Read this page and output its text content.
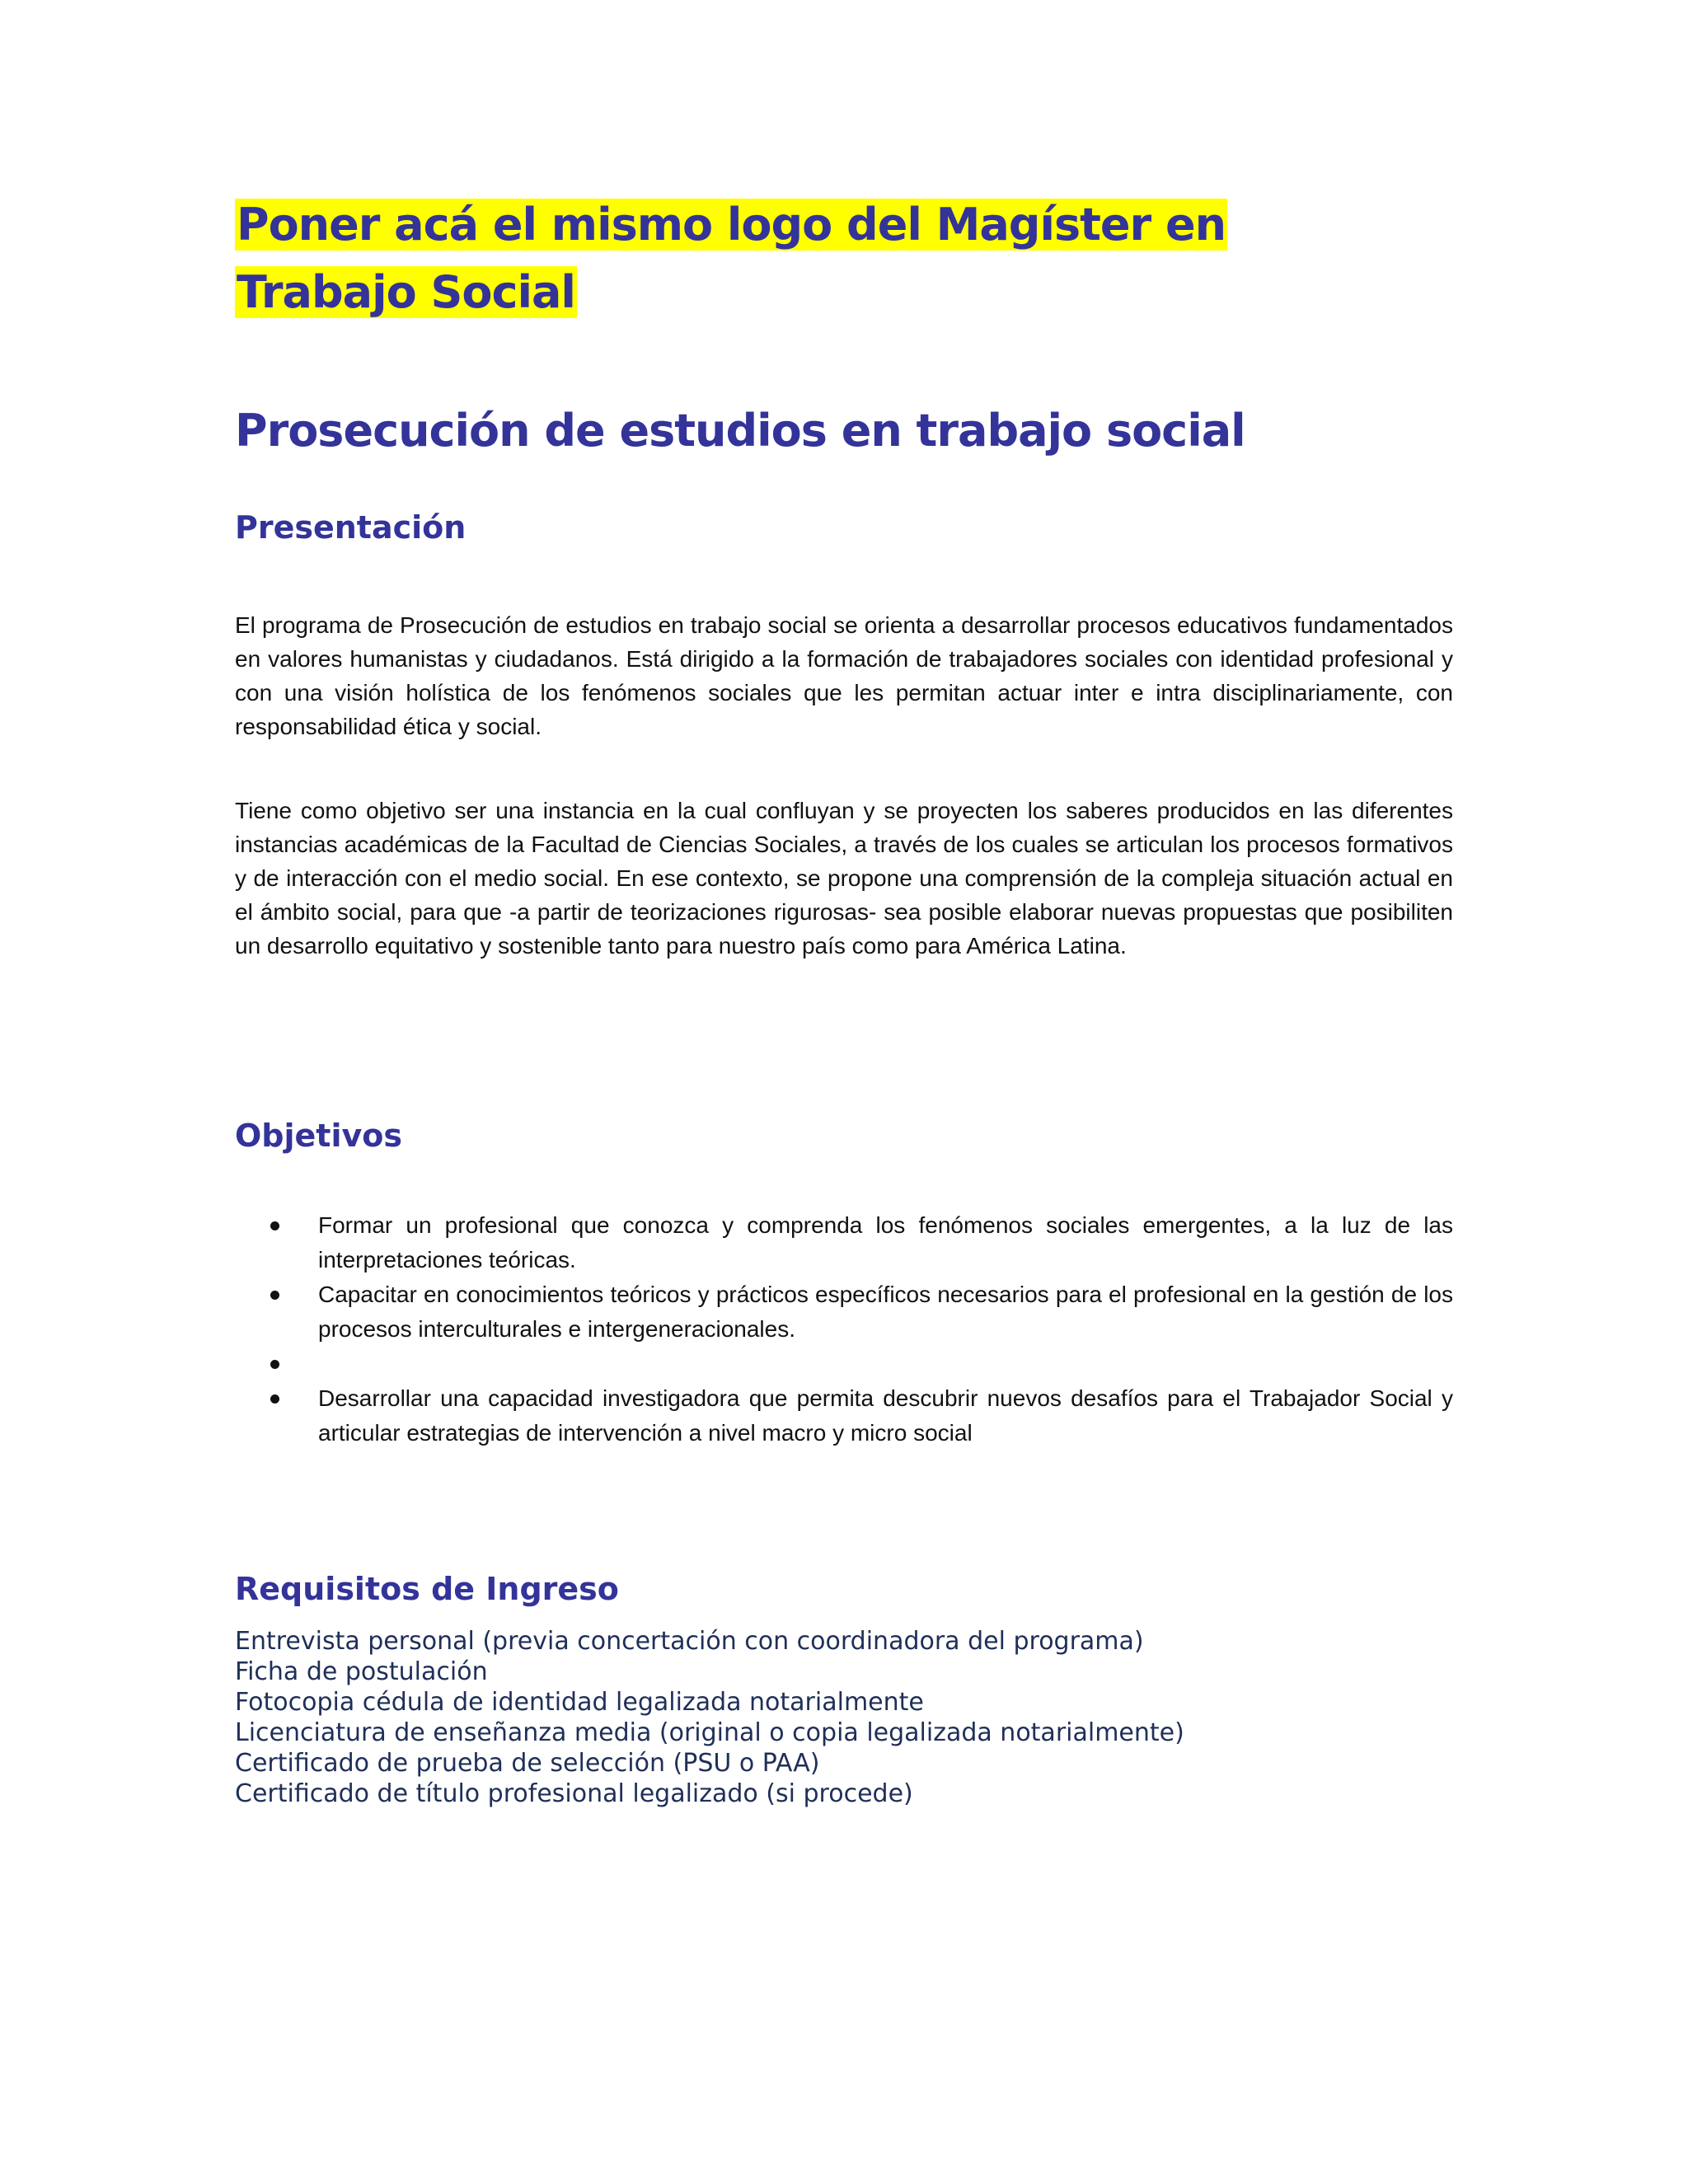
Poner acá el mismo logo del Magíster en Trabajo Social
Prosecución de estudios en trabajo social
Presentación

El programa de Prosecución de estudios en trabajo social se orienta a desarrollar procesos educativos fundamentados en valores humanistas y ciudadanos. Está dirigido a la formación de trabajadores sociales con identidad profesional y con una visión holística de los fenómenos sociales que les permitan actuar inter e intra disciplinariamente, con responsabilidad ética y social.

Tiene como objetivo ser una instancia en la cual confluyan y se proyecten los saberes producidos en las diferentes instancias académicas de la Facultad de Ciencias Sociales, a través de los cuales se articulan los procesos formativos y de interacción con el medio social. En ese contexto, se propone una comprensión de la compleja situación actual en el ámbito social, para que -a partir de teorizaciones rigurosas- sea posible elaborar nuevas propuestas que posibiliten un desarrollo equitativo y sostenible tanto para nuestro país como para América Latina.

Objetivos
Formar un profesional que conozca y comprenda los fenómenos sociales emergentes, a la luz de las interpretaciones teóricas.
Capacitar en conocimientos teóricos y prácticos específicos necesarios para el profesional en la gestión de los procesos interculturales e intergeneracionales.
Desarrollar una capacidad investigadora que permita descubrir nuevos desafíos para el Trabajador Social y articular estrategias de intervención a nivel macro y micro social
Requisitos de Ingreso
Entrevista personal (previa concertación con coordinadora del programa)
Ficha de postulación
Fotocopia cédula de identidad legalizada notarialmente
Licenciatura de enseñanza media (original o copia legalizada notarialmente)
Certificado de prueba de selección (PSU o PAA)
Certificado de título profesional legalizado (si procede)
